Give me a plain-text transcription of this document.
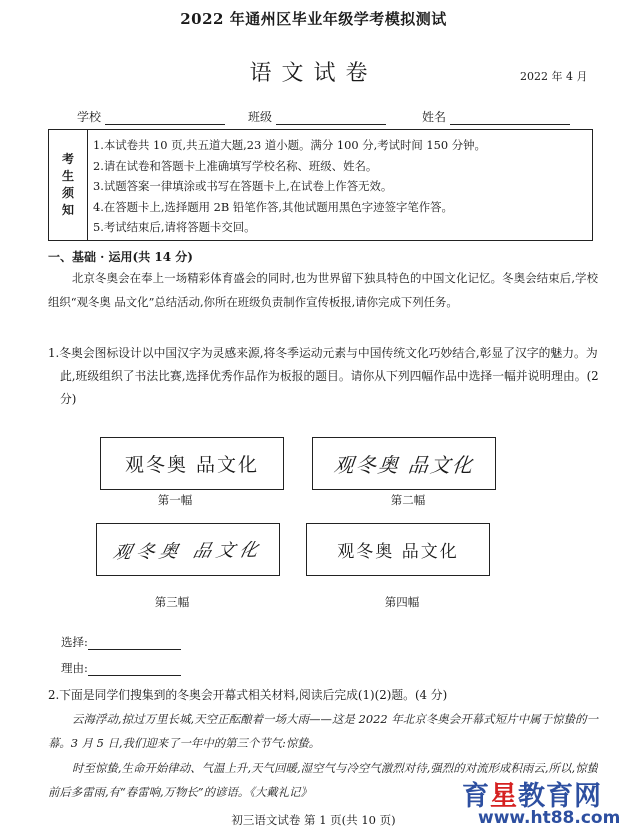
2022 年通州区毕业年级学考模拟测试
语文试卷	2022 年 4 月
学校	班级	姓名
考
生
须
知
1.本试卷共 10 页,共五道大题,23 道小题。满分 100 分,考试时间 150 分钟。
2.请在试卷和答题卡上准确填写学校名称、班级、姓名。
3.试题答案一律填涂或书写在答题卡上,在试卷上作答无效。
4.在答题卡上,选择题用 2B 铅笔作答,其他试题用黑色字迹签字笔作答。
5.考试结束后,请将答题卡交回。
一、基础 · 运用(共 14 分)
北京冬奥会在奉上一场精彩体育盛会的同时,也为世界留下独具特色的中国文化记忆。冬奥会结束后,学校组织“观冬奥 品文化”总结活动,你所在班级负责制作宣传板报,请你完成下列任务。
1.冬奥会图标设计以中国汉字为灵感来源,将冬季运动元素与中国传统文化巧妙结合,彰显了汉字的魅力。为此,班级组织了书法比赛,选择优秀作品作为板报的题目。请你从下列四幅作品中选择一幅并说明理由。(2 分)
观冬奥 品文化
第一幅
观冬奥 品文化
第二幅
观冬奥 品文化
第三幅
观冬奥 品文化
第四幅
选择:
理由:
2.下面是同学们搜集到的冬奥会开幕式相关材料,阅读后完成(1)(2)题。(4 分)
云海浮动,掠过万里长城,天空正酝酿着一场大雨——这是 2022 年北京冬奥会开幕式短片中属于惊蛰的一幕。3 月 5 日,我们迎来了一年中的第三个节气:惊蛰。
时至惊蛰,生命开始律动、气温上升,天气回暖,湿空气与冷空气激烈对待,强烈的对流形成积雨云,所以,惊蛰前后多雷雨,有“春雷响,万物长”的谚语。《大戴礼记》
初三语文试卷 第 1 页(共 10 页)
育星教育网
www.ht88.com
